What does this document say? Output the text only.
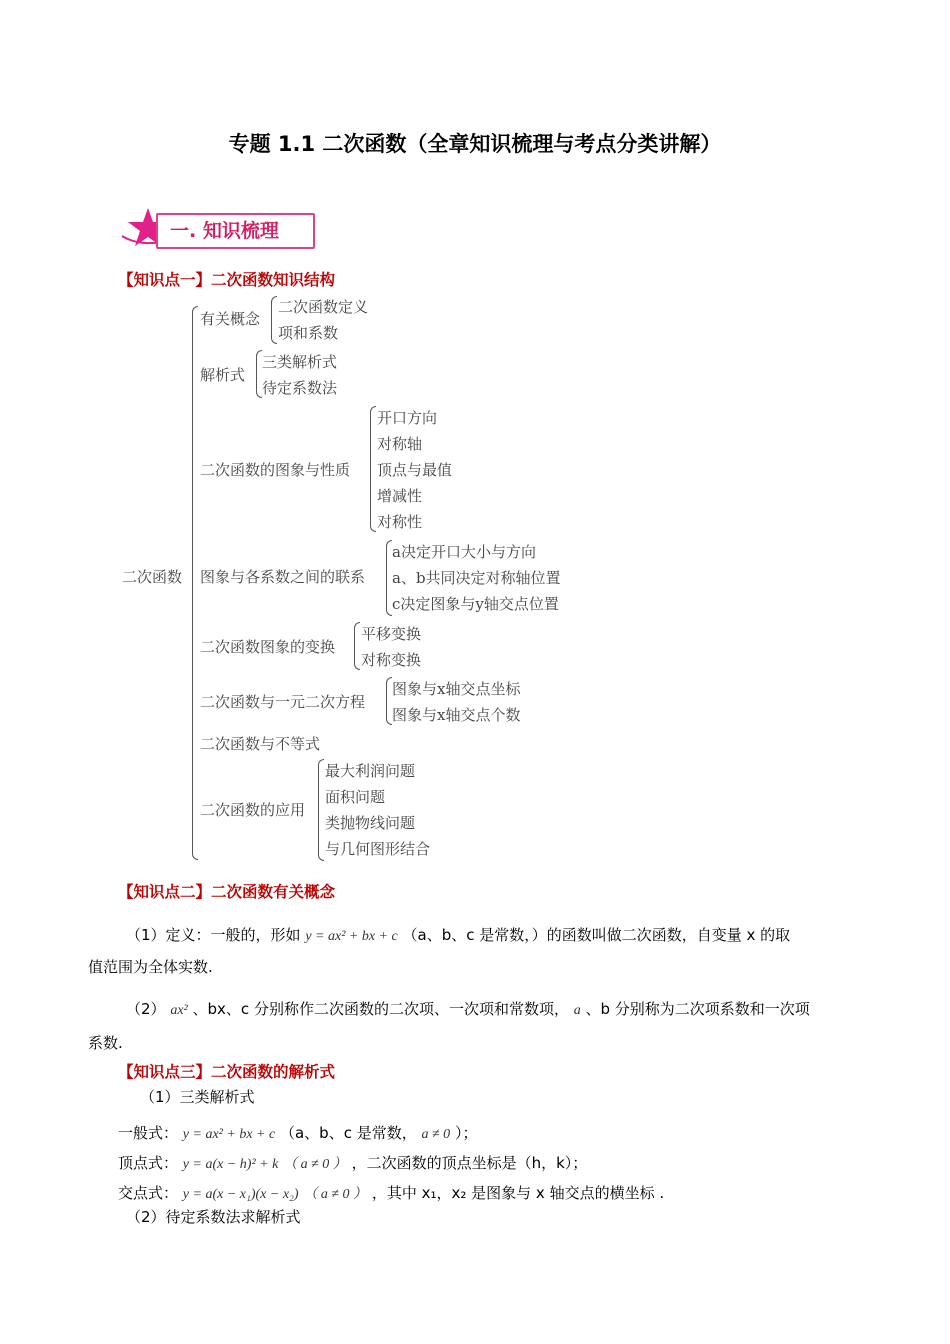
专题 1.1 二次函数（全章知识梳理与考点分类讲解）
一. 知识梳理
【知识点一】二次函数知识结构
二次函数
有关概念
二次函数定义
项和系数
解析式
三类解析式
待定系数法
二次函数的图象与性质
开口方向
对称轴
顶点与最值
增减性
对称性
图象与各系数之间的联系
a决定开口大小与方向
a、b共同决定对称轴位置
c决定图象与y轴交点位置
二次函数图象的变换
平移变换
对称变换
二次函数与一元二次方程
图象与x轴交点坐标
图象与x轴交点个数
二次函数与不等式
二次函数的应用
最大利润问题
面积问题
类抛物线问题
与几何图形结合
【知识点二】二次函数有关概念
（1）定义：一般的，形如 y = ax² + bx + c （a、b、c 是常数，）的函数叫做二次函数，自变量 x 的取
值范围为全体实数.
（2） ax² 、bx、c 分别称作二次函数的二次项、一次项和常数项， a 、b 分别称为二次项系数和一次项
系数.
【知识点三】二次函数的解析式
（1）三类解析式
一般式： y = ax² + bx + c （a、b、c 是常数， a ≠ 0 ）；
顶点式： y = a(x − h)² + k （ a ≠ 0 ） ，二次函数的顶点坐标是（h，k）；
交点式： y = a(x − x₁)(x − x₂) （ a ≠ 0 ） ，其中 x₁，x₂ 是图象与 x 轴交点的横坐标 .
（2）待定系数法求解析式
